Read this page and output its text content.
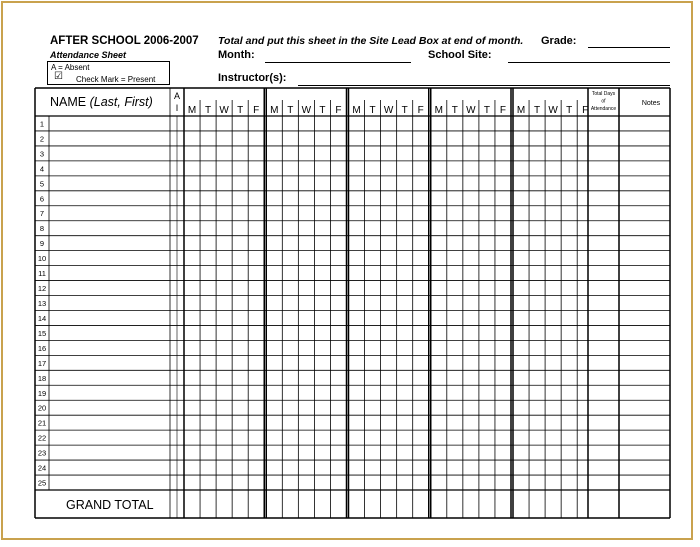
AFTER SCHOOL 2006-2007
Attendance Sheet
Total and put this sheet in the Site Lead Box at end of month. Grade:
Month:	School Site:
Instructor(s):
A = Absent
☑ Check Mark = Present
NAME (Last, First)
GRAND TOTAL
Notes
1
2
3
4
5
6
7
8
9
10
11
12
13
14
15
16
17
18
19
20
21
22
23
24
25
A
I M T W T F M T W T F M T W T F M T W T F M T W T F
Total Days
of
Attendance
